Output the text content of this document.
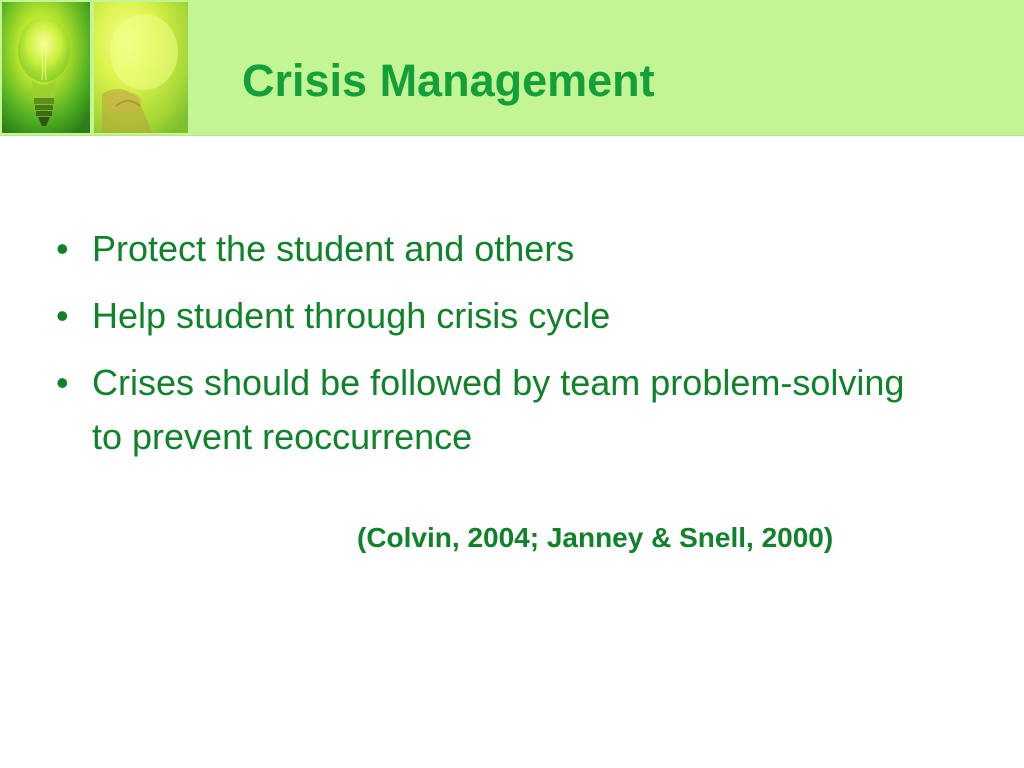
Crisis Management
• Protect the student and others
• Help student through crisis cycle
• Crises should be followed by team problem-solving to prevent reoccurrence

(Colvin, 2004; Janney & Snell, 2000)
